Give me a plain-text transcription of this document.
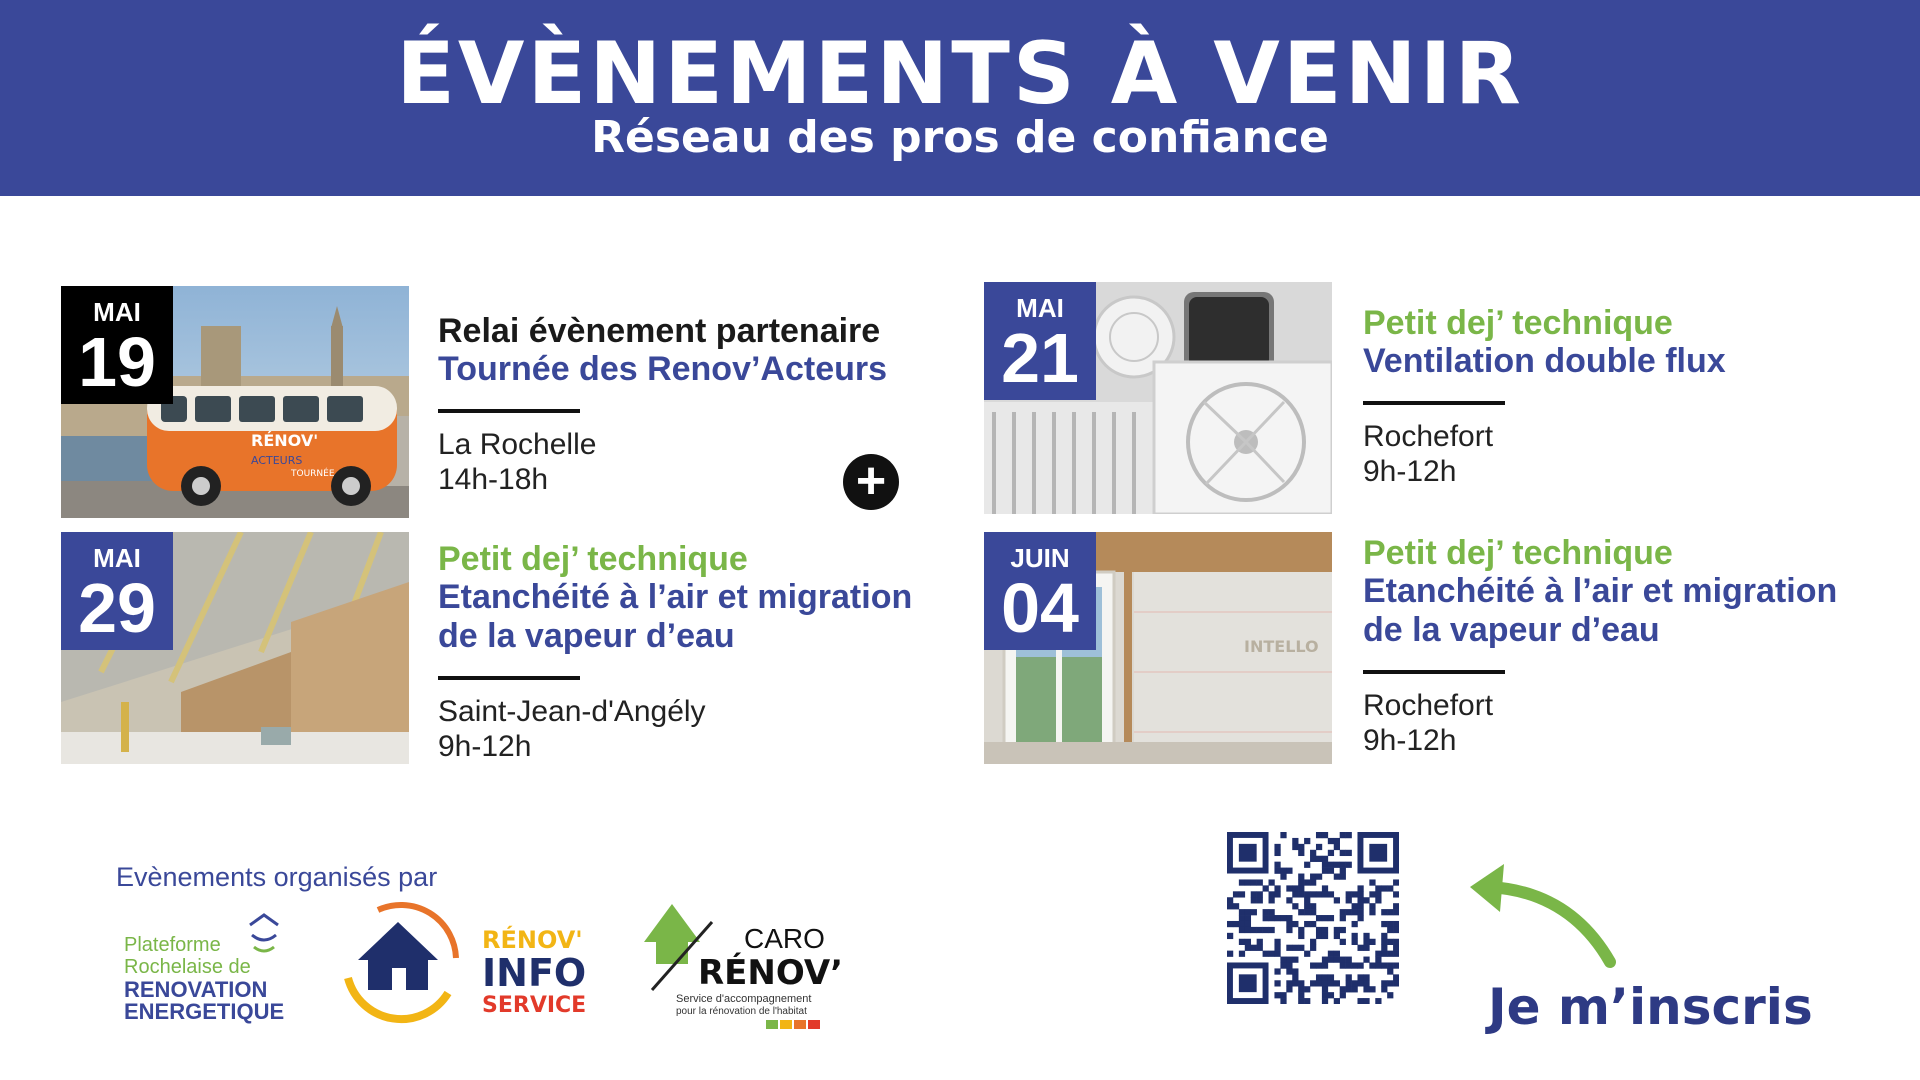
ÉVÈNEMENTS À VENIR
Réseau des pros de confiance
RÉNOV'
ACTEURS
TOURNÉE
MAI
19	Relai évènement partenaire
Tournée des Renov’Acteurs
La Rochelle
14h-18h	+
MAI
21	Petit dej’ technique
Ventilation double flux
Rochefort
9h-12h
MAI
29
Petit dej’ technique
Etanchéité à l’air et migration
de la vapeur d’eau
Saint-Jean-d'Angély
9h-12h
INTELLO
JUIN
04
Petit dej’ technique
Etanchéité à l’air et migration
de la vapeur d’eau
Rochefort
9h-12h
Evènements organisés par
Plateforme
Rochelaise de
RENOVATION
ENERGETIQUE
RÉNOV'
INFO
SERVICE
CARO
RÉNOV’
Service d'accompagnement
pour la rénovation de l'habitat	Je m’inscris
